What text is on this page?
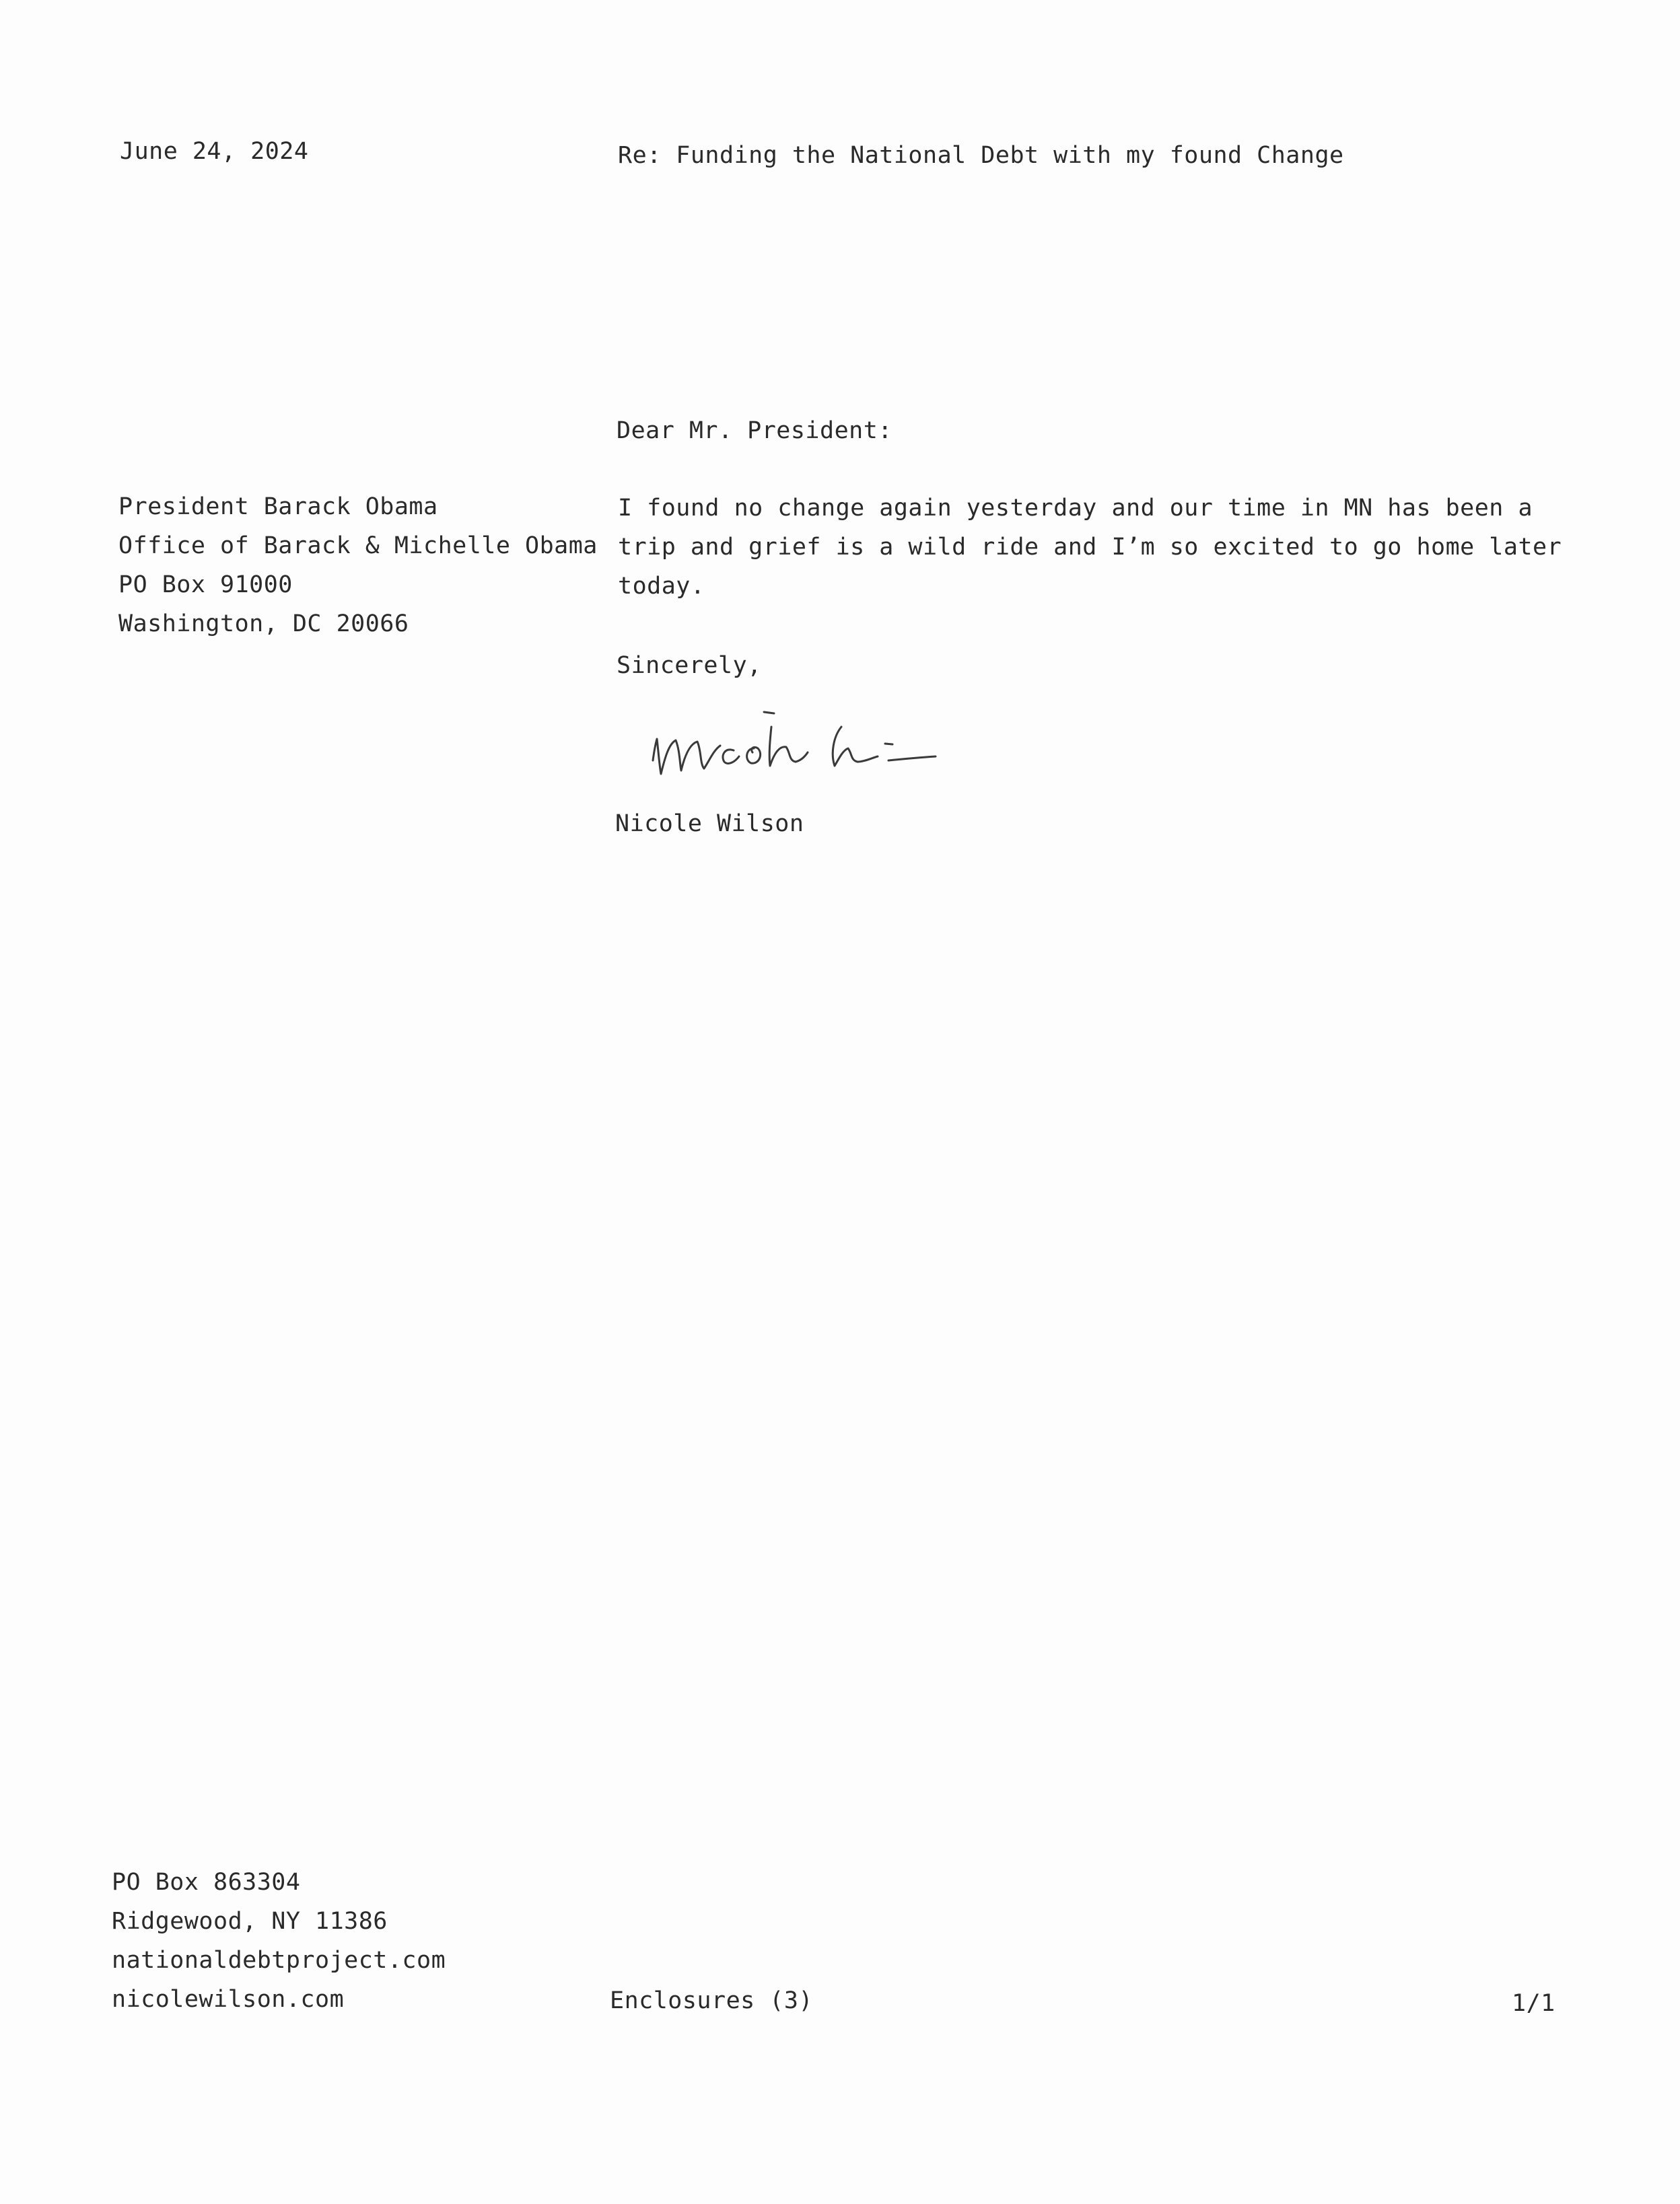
June 24, 2024	Re: Funding the National Debt with my found Change
Dear Mr. President:
President Barack Obama
Office of Barack & Michelle Obama
PO Box 91000
Washington, DC 20066
I found no change again yesterday and our time in MN has been a
trip and grief is a wild ride and I’m so excited to go home later
today.
Sincerely,
Nicole Wilson
PO Box 863304
Ridgewood, NY 11386
nationaldebtproject.com
nicolewilson.com	Enclosures (3)	1/1
